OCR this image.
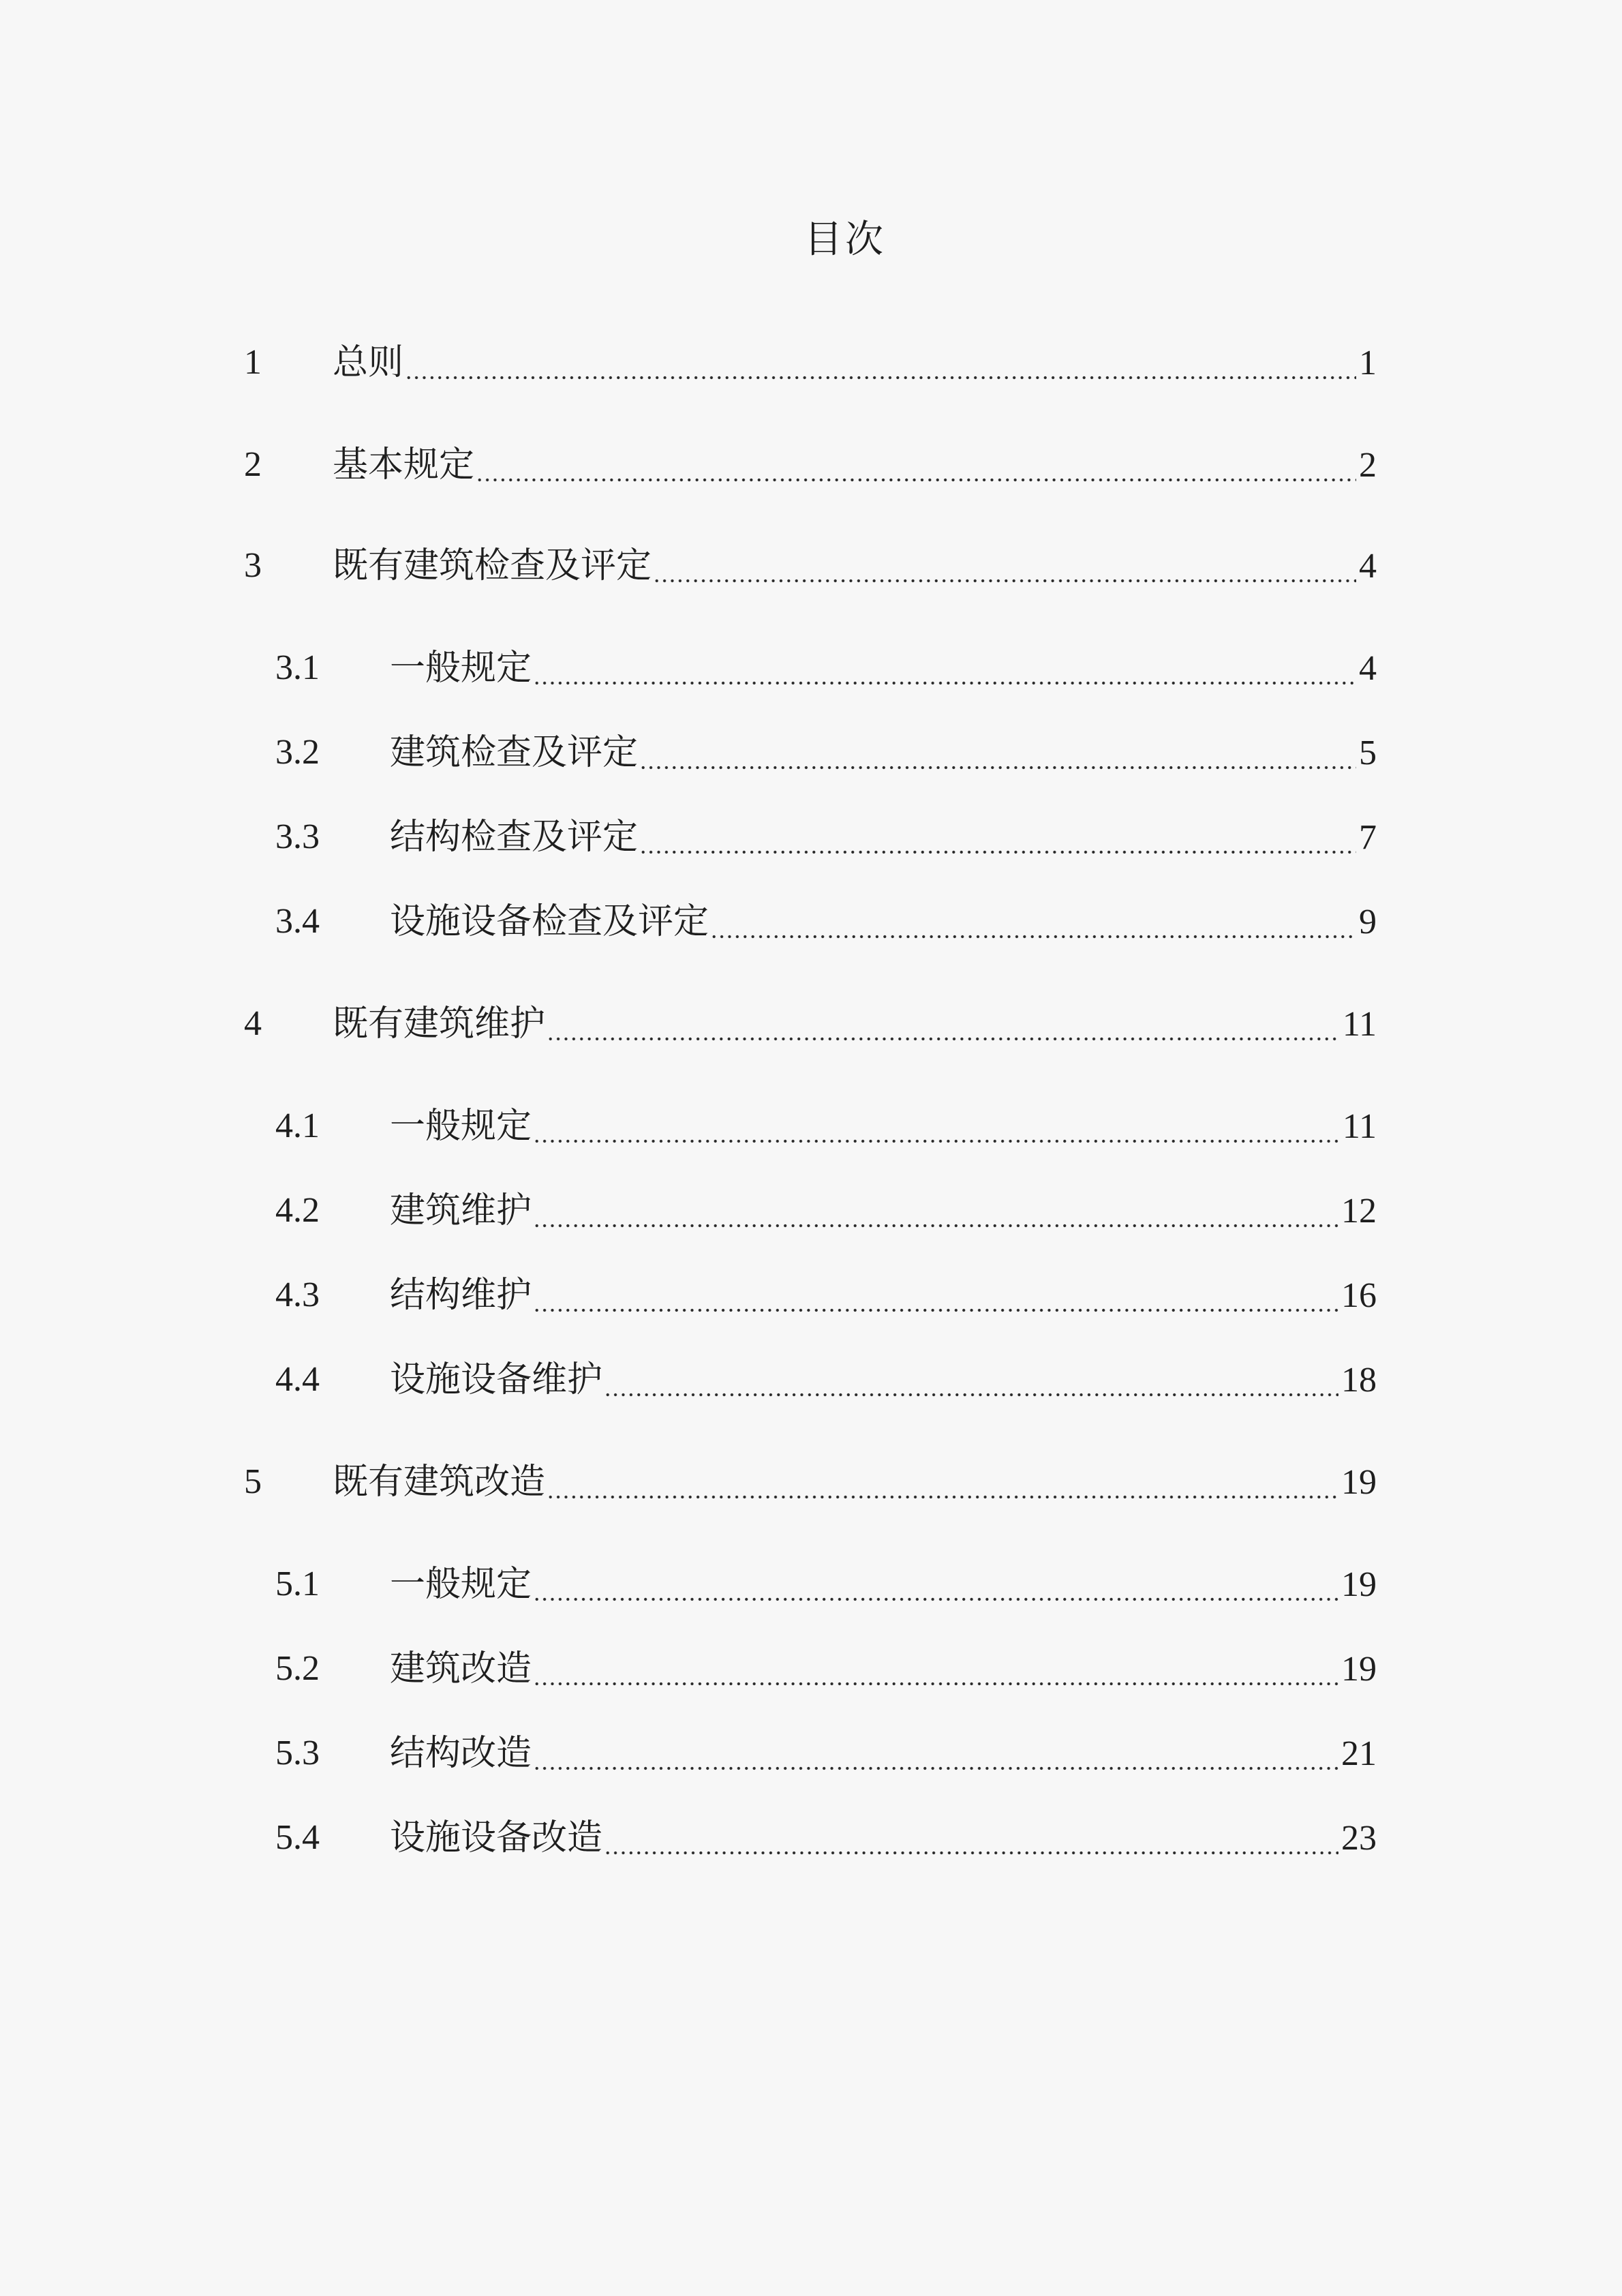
目次
1 总则	1
2 基本规定	2
3 既有建筑检查及评定	4
3.1 一般规定	4
3.2 建筑检查及评定	5
3.3 结构检查及评定	7
3.4 设施设备检查及评定	9
4 既有建筑维护	11
4.1 一般规定	11
4.2 建筑维护	12
4.3 结构维护	16
4.4 设施设备维护	18
5 既有建筑改造	19
5.1 一般规定	19
5.2 建筑改造	19
5.3 结构改造	21
5.4 设施设备改造	23
